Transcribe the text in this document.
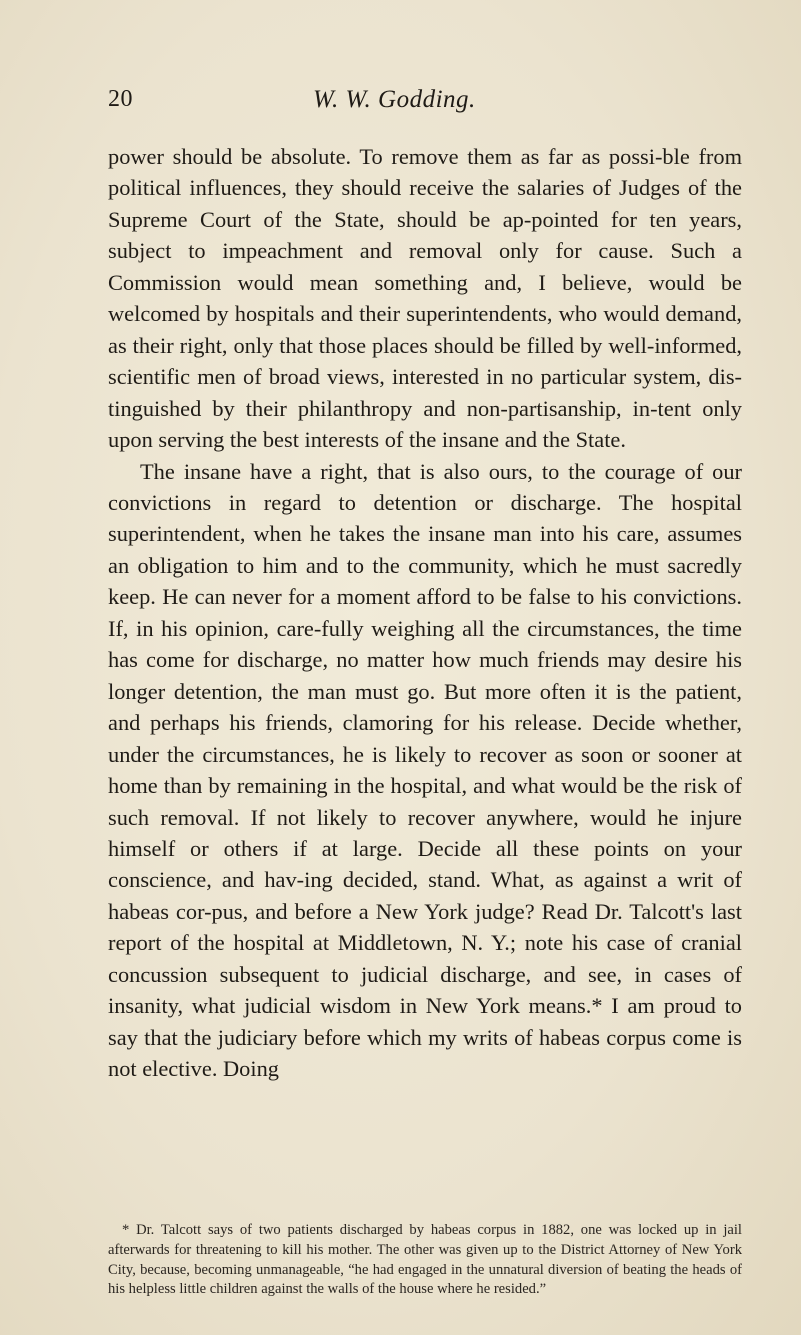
20	W. W. Godding.

power should be absolute. To remove them as far as possi-ble from political influences, they should receive the salaries of Judges of the Supreme Court of the State, should be ap-pointed for ten years, subject to impeachment and removal only for cause. Such a Commission would mean something and, I believe, would be welcomed by hospitals and their superintendents, who would demand, as their right, only that those places should be filled by well-informed, scientific men of broad views, interested in no particular system, dis-tinguished by their philanthropy and non-partisanship, in-tent only upon serving the best interests of the insane and the State.

The insane have a right, that is also ours, to the courage of our convictions in regard to detention or discharge. The hospital superintendent, when he takes the insane man into his care, assumes an obligation to him and to the community, which he must sacredly keep. He can never for a moment afford to be false to his convictions. If, in his opinion, care-fully weighing all the circumstances, the time has come for discharge, no matter how much friends may desire his longer detention, the man must go. But more often it is the patient, and perhaps his friends, clamoring for his release. Decide whether, under the circumstances, he is likely to recover as soon or sooner at home than by remaining in the hospital, and what would be the risk of such removal. If not likely to recover anywhere, would he injure himself or others if at large. Decide all these points on your conscience, and hav-ing decided, stand. What, as against a writ of habeas cor-pus, and before a New York judge? Read Dr. Talcott's last report of the hospital at Middletown, N. Y.; note his case of cranial concussion subsequent to judicial discharge, and see, in cases of insanity, what judicial wisdom in New York means.* I am proud to say that the judiciary before which my writs of habeas corpus come is not elective. Doing

* Dr. Talcott says of two patients discharged by habeas corpus in 1882, one was locked up in jail afterwards for threatening to kill his mother. The other was given up to the District Attorney of New York City, because, becoming unmanageable, “he had engaged in the unnatural diversion of beating the heads of his helpless little children against the walls of the house where he resided.”
